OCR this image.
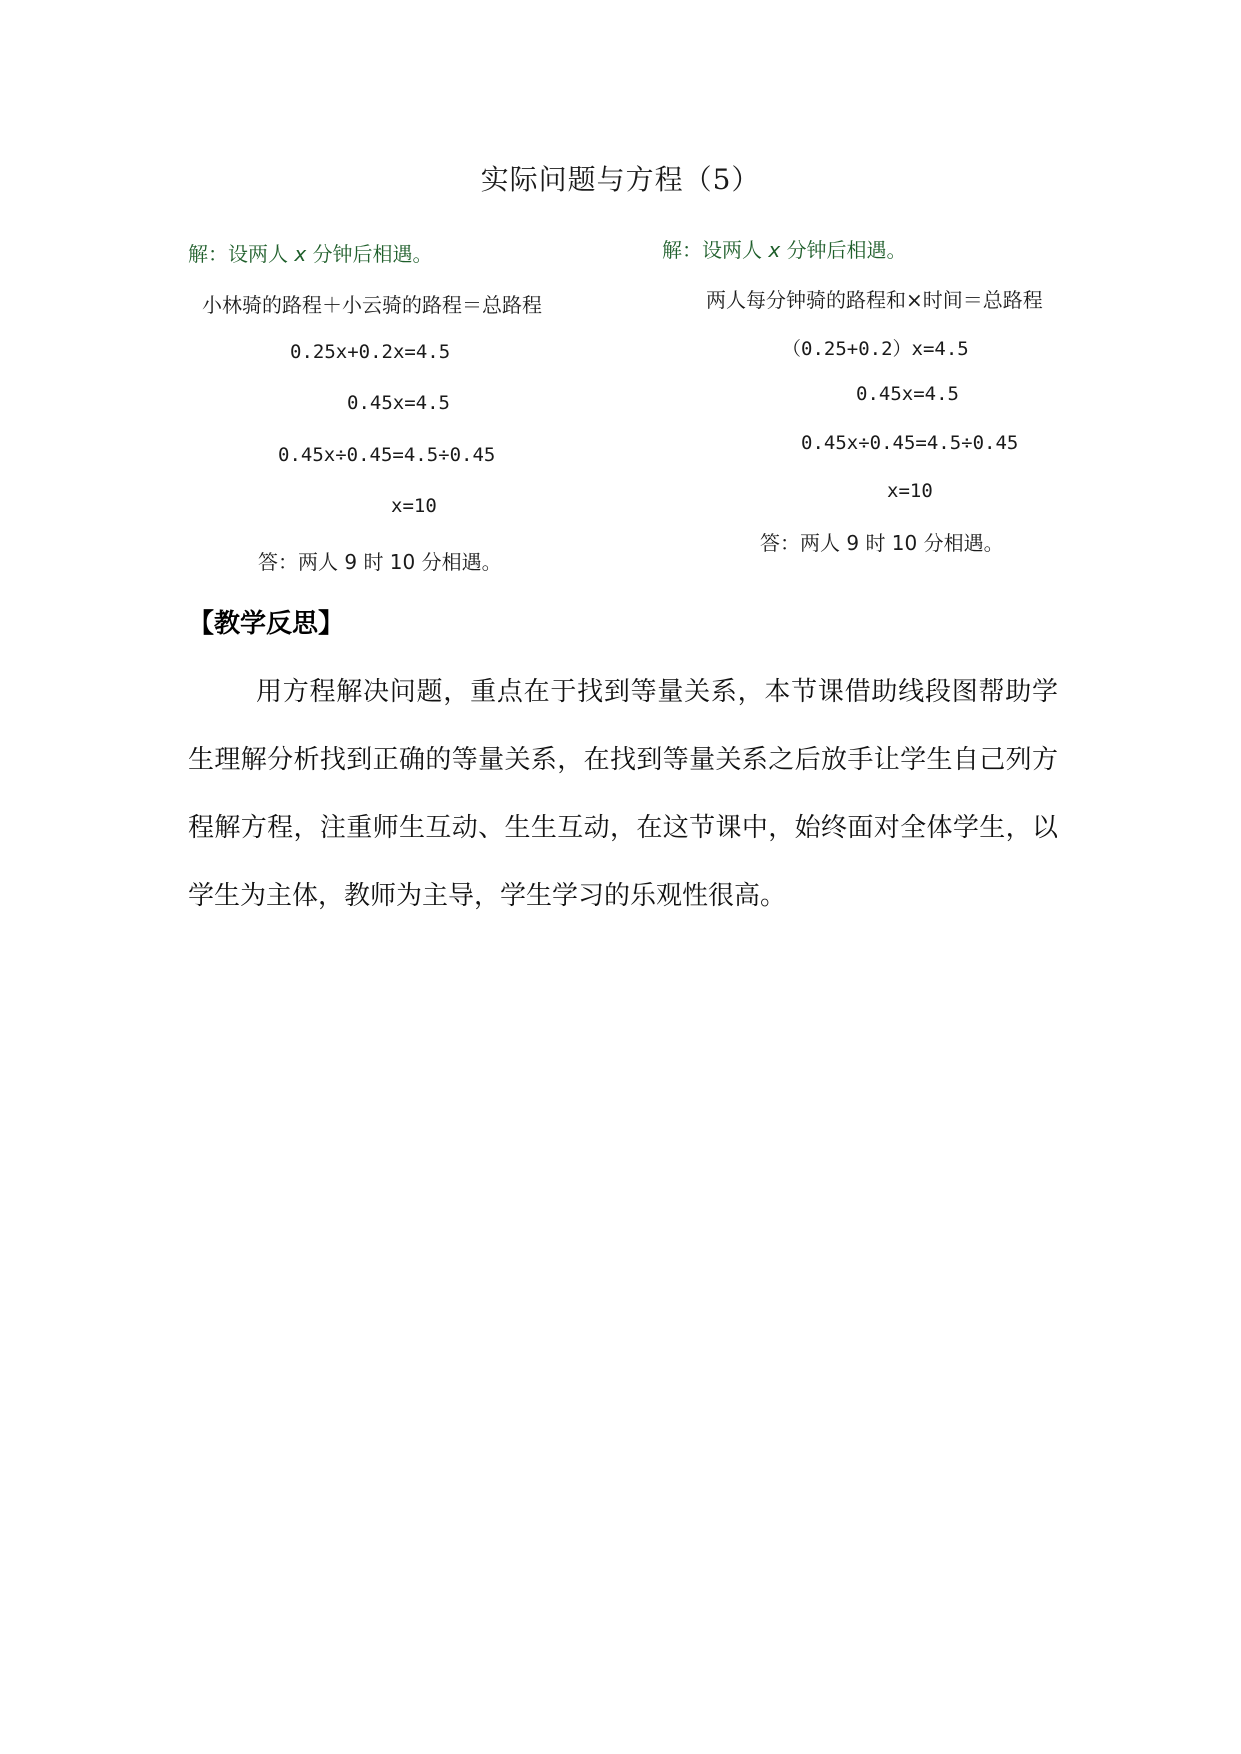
实际问题与方程（5）
解：设两人 x 分钟后相遇。
小林骑的路程＋小云骑的路程＝总路程
0.25x+0.2x=4.5
0.45x=4.5
0.45x÷0.45=4.5÷0.45
x=10
答：两人 9 时 10 分相遇。
解：设两人 x 分钟后相遇。
两人每分钟骑的路程和×时间＝总路程
（0.25+0.2）x=4.5
0.45x=4.5
0.45x÷0.45=4.5÷0.45
x=10
答：两人 9 时 10 分相遇。
【教学反思】
用方程解决问题，重点在于找到等量关系，本节课借助线段图帮助学生理解分析找到正确的等量关系，在找到等量关系之后放手让学生自己列方程解方程，注重师生互动、生生互动，在这节课中，始终面对全体学生，以学生为主体，教师为主导，学生学习的乐观性很高。
